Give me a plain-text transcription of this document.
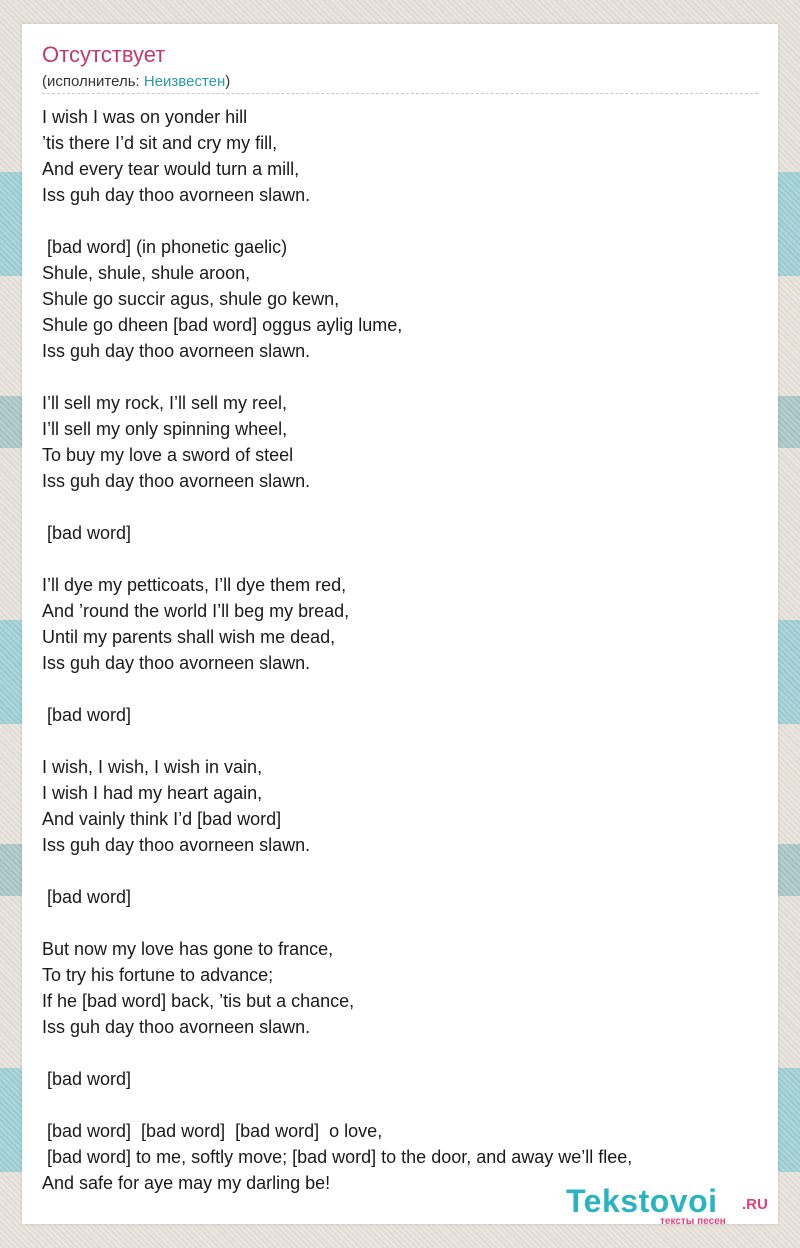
Отсутствует
(исполнитель: Неизвестен)
I wish I was on yonder hill
’tis there I’d sit and cry my fill,
And every tear would turn a mill,
Iss guh day thoo avorneen slawn.
[bad word] (in phonetic gaelic)
Shule, shule, shule aroon,
Shule go succir agus, shule go kewn,
Shule go dheen [bad word] oggus aylig lume,
Iss guh day thoo avorneen slawn.
I’ll sell my rock, I’ll sell my reel,
I’ll sell my only spinning wheel,
To buy my love a sword of steel
Iss guh day thoo avorneen slawn.
[bad word]
I’ll dye my petticoats, I’ll dye them red,
And ’round the world I’ll beg my bread,
Until my parents shall wish me dead,
Iss guh day thoo avorneen slawn.
[bad word]
I wish, I wish, I wish in vain,
I wish I had my heart again,
And vainly think I’d [bad word]
Iss guh day thoo avorneen slawn.
[bad word]
But now my love has gone to france,
To try his fortune to advance;
If he [bad word] back, ’tis but a chance,
Iss guh day thoo avorneen slawn.
[bad word]
[bad word]  [bad word]  [bad word]  o love,
[bad word] to me, softly move; [bad word] to the door, and away we’ll flee,
And safe for aye may my darling be!	Tekstovoi .RU
тексты песен
